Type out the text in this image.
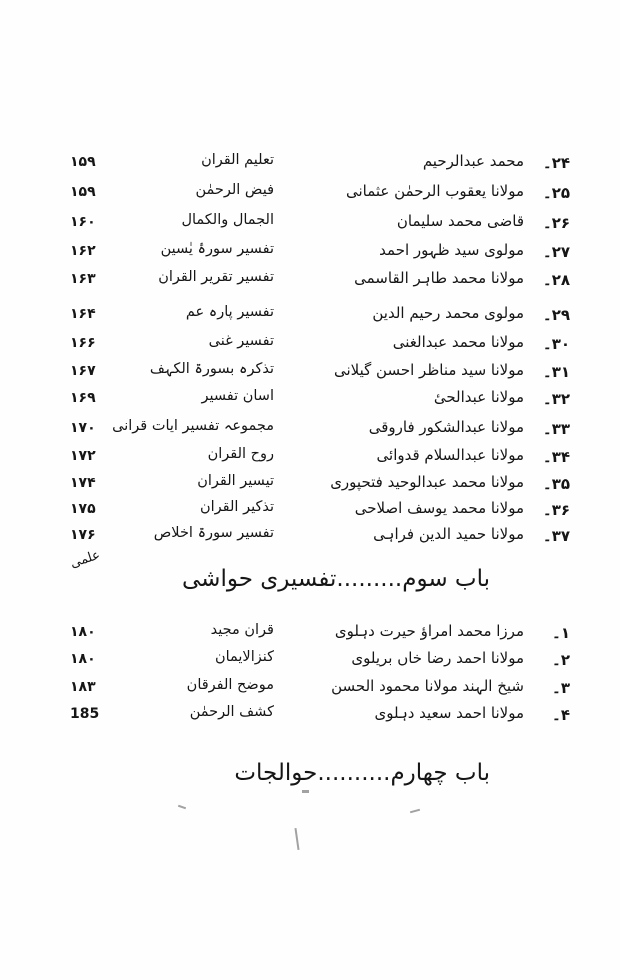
۲۴۔
محمد عبدالرحیم
تعلیم القرآن
۱۵۹
۲۵۔
مولانا یعقوب الرحمٰن عثمانی
فیض الرحمٰن
۱۵۹
۲۶۔
قاضی محمد سلیمان
الجمال والکمال
۱۶۰
۲۷۔
مولوی سید ظہور احمد
تفسیر سورۂ یٰسین
۱۶۲
۲۸۔
مولانا محمد طاہر القاسمی
تفسیر تقریر القرآن
۱۶۳
۲۹۔
مولوی محمد رحیم الدین
تفسیر پارہ عم
۱۶۴
۳۰۔
مولانا محمد عبدالغنی
تفسیر غنی
۱۶۶
۳۱۔
مولانا سید مناظر احسن گیلانی
تذکرہ بسورۃ الکہف
۱۶۷
۳۲۔
مولانا عبدالحیٔ
آسان تفسیر
۱۶۹
۳۳۔
مولانا عبدالشکور فاروقی
مجموعہ تفسیر آیات قرآنی
۱۷۰
۳۴۔
مولانا عبدالسلام قدوائی
روح القرآن
۱۷۲
۳۵۔
مولانا محمد عبدالوحید فتحپوری
تیسیر القرآن
۱۷۴
۳۶۔
مولانا محمد یوسف اصلاحی
تذکیر القرآن
۱۷۵
۳۷۔
مولانا حمید الدین فراہی
تفسیر سورۃ اخلاص
۱۷۶
باب سوم.........تفسیری حواشی
علمی
۱۔
مرزا محمد امراؤ حیرت دہلوی
قرآن مجید
۱۸۰
۲۔
مولانا احمد رضا خاں بریلوی
کنزالایمان
۱۸۰
۳۔
شیخ الہند مولانا محمود الحسن
موضح الفرقان
۱۸۳
۴۔
مولانا احمد سعید دہلوی
کشف الرحمٰن
185
باب چھارم..........حوالجات
